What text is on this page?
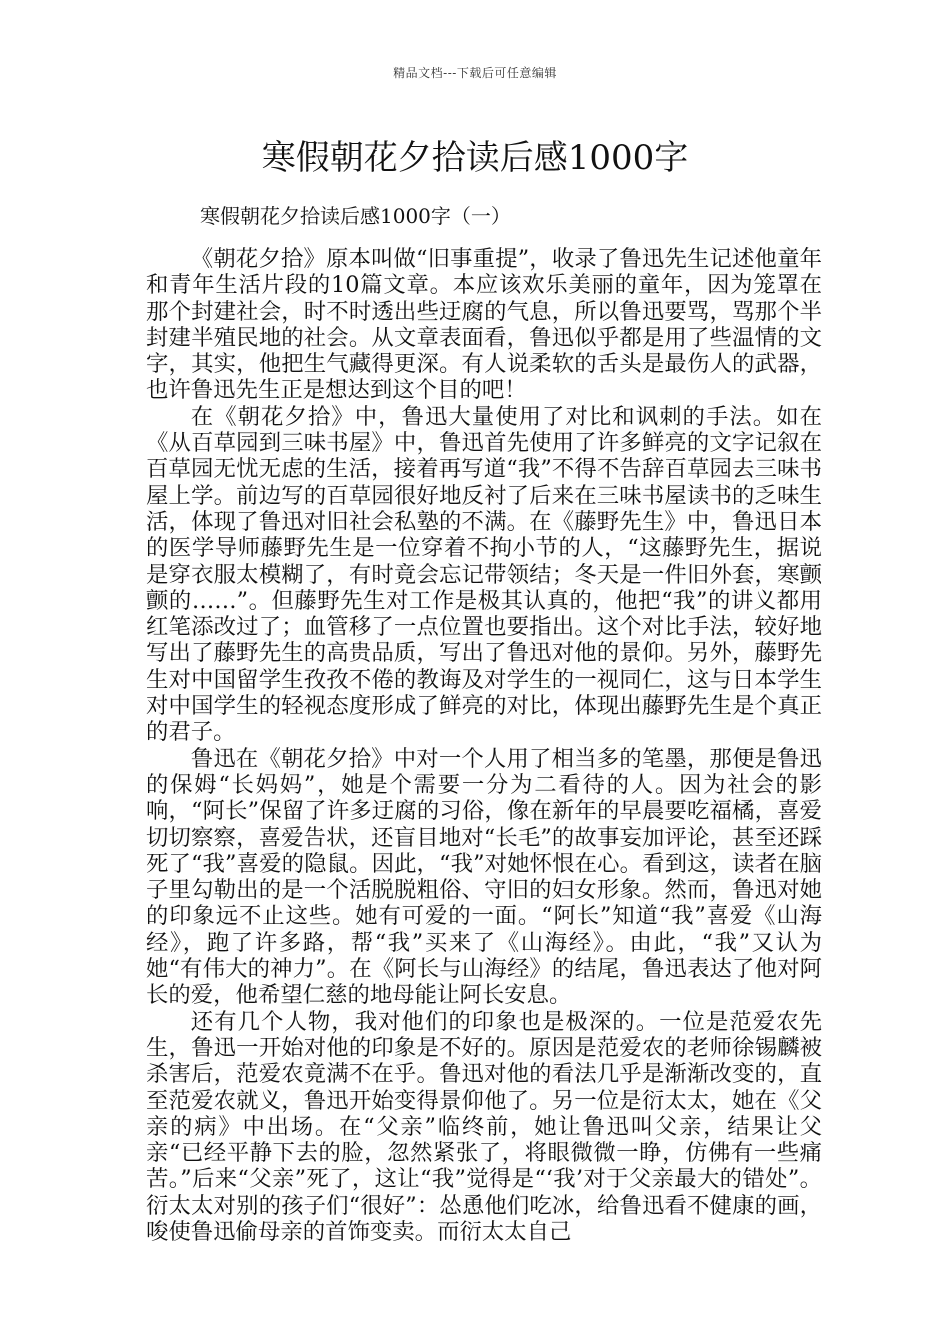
精品文档---下载后可任意编辑
寒假朝花夕拾读后感1000字
寒假朝花夕拾读后感1000字（一）

《朝花夕拾》原本叫做“旧事重提”，收录了鲁迅先生记述他童年和青年生活片段的10篇文章。本应该欢乐美丽的童年，因为笼罩在那个封建社会，时不时透出些迂腐的气息，所以鲁迅要骂，骂那个半封建半殖民地的社会。从文章表面看，鲁迅似乎都是用了些温情的文字，其实，他把生气藏得更深。有人说柔软的舌头是最伤人的武器，也许鲁迅先生正是想达到这个目的吧！

在《朝花夕拾》中，鲁迅大量使用了对比和讽刺的手法。如在《从百草园到三味书屋》中，鲁迅首先使用了许多鲜亮的文字记叙在百草园无忧无虑的生活，接着再写道“我”不得不告辞百草园去三味书屋上学。前边写的百草园很好地反衬了后来在三味书屋读书的乏味生活，体现了鲁迅对旧社会私塾的不满。在《藤野先生》中，鲁迅日本的医学导师藤野先生是一位穿着不拘小节的人，“这藤野先生，据说是穿衣服太模糊了，有时竟会忘记带领结；冬天是一件旧外套，寒颤颤的……”。但藤野先生对工作是极其认真的，他把“我”的讲义都用红笔添改过了；血管移了一点位置也要指出。这个对比手法，较好地写出了藤野先生的高贵品质，写出了鲁迅对他的景仰。另外，藤野先生对中国留学生孜孜不倦的教诲及对学生的一视同仁，这与日本学生对中国学生的轻视态度形成了鲜亮的对比，体现出藤野先生是个真正的君子。

鲁迅在《朝花夕拾》中对一个人用了相当多的笔墨，那便是鲁迅的保姆“长妈妈”，她是个需要一分为二看待的人。因为社会的影响，“阿长”保留了许多迂腐的习俗，像在新年的早晨要吃福橘，喜爱切切察察，喜爱告状，还盲目地对“长毛”的故事妄加评论，甚至还踩死了“我”喜爱的隐鼠。因此，“我”对她怀恨在心。看到这，读者在脑子里勾勒出的是一个活脱脱粗俗、守旧的妇女形象。然而，鲁迅对她的印象远不止这些。她有可爱的一面。“阿长”知道“我”喜爱《山海经》，跑了许多路，帮“我”买来了《山海经》。由此，“我”又认为她“有伟大的神力”。在《阿长与山海经》的结尾，鲁迅表达了他对阿长的爱，他希望仁慈的地母能让阿长安息。

还有几个人物，我对他们的印象也是极深的。一位是范爱农先生，鲁迅一开始对他的印象是不好的。原因是范爱农的老师徐锡麟被杀害后，范爱农竟满不在乎。鲁迅对他的看法几乎是渐渐改变的，直至范爱农就义，鲁迅开始变得景仰他了。另一位是衍太太，她在《父亲的病》中出场。在“父亲”临终前，她让鲁迅叫父亲，结果让父亲“已经平静下去的脸，忽然紧张了，将眼微微一睁，仿佛有一些痛苦。”后来“父亲”死了，这让“我”觉得是“‘我’对于父亲最大的错处”。衍太太对别的孩子们“很好”：怂恿他们吃冰，给鲁迅看不健康的画，唆使鲁迅偷母亲的首饰变卖。而衍太太自己
